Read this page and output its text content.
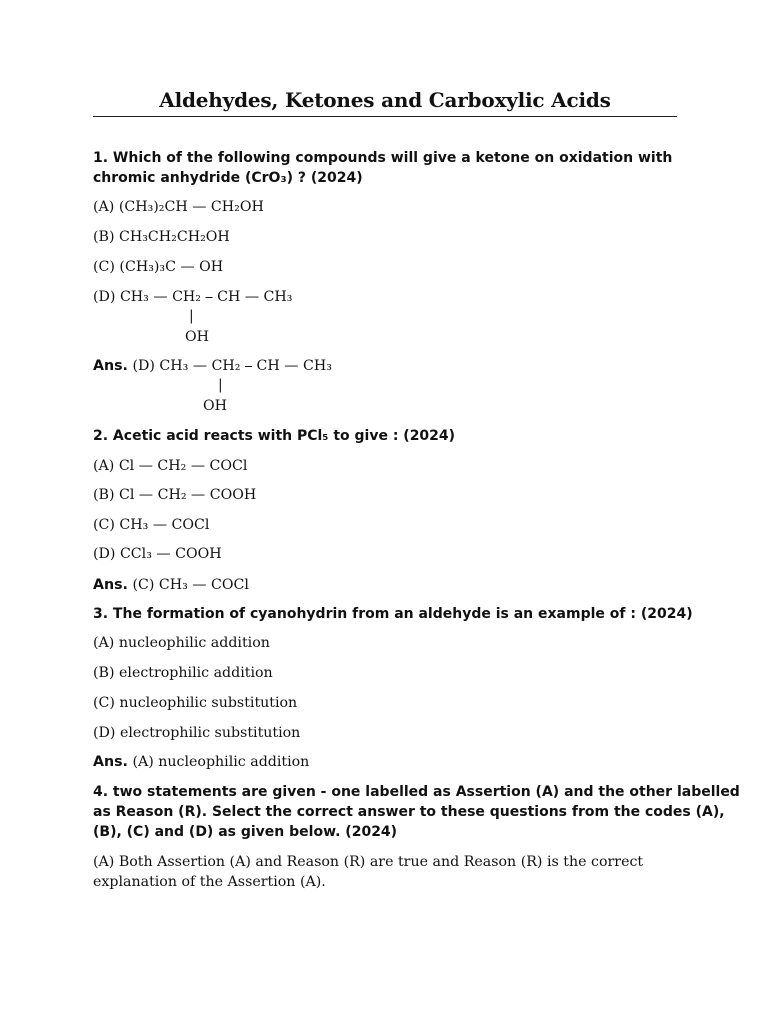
Aldehydes, Ketones and Carboxylic Acids
1. Which of the following compounds will give a ketone on oxidation with
chromic anhydride (CrO₃) ? (2024)
(A) (CH₃)₂CH — CH₂OH
(B) CH₃CH₂CH₂OH
(C) (CH₃)₃C — OH
(D) CH₃ — CH₂ ⎯ CH — CH₃
|
OH
Ans. (D) CH₃ — CH₂ ⎯ CH — CH₃
|
OH
2. Acetic acid reacts with PCl₅ to give : (2024)
(A) Cl — CH₂ — COCl
(B) Cl — CH₂ — COOH
(C) CH₃ — COCl
(D) CCl₃ — COOH
Ans. (C) CH₃ — COCl
3. The formation of cyanohydrin from an aldehyde is an example of : (2024)
(A) nucleophilic addition
(B) electrophilic addition
(C) nucleophilic substitution
(D) electrophilic substitution
Ans. (A) nucleophilic addition
4. two statements are given - one labelled as Assertion (A) and the other labelled
as Reason (R). Select the correct answer to these questions from the codes (A),
(B), (C) and (D) as given below. (2024)
(A) Both Assertion (A) and Reason (R) are true and Reason (R) is the correct
explanation of the Assertion (A).
